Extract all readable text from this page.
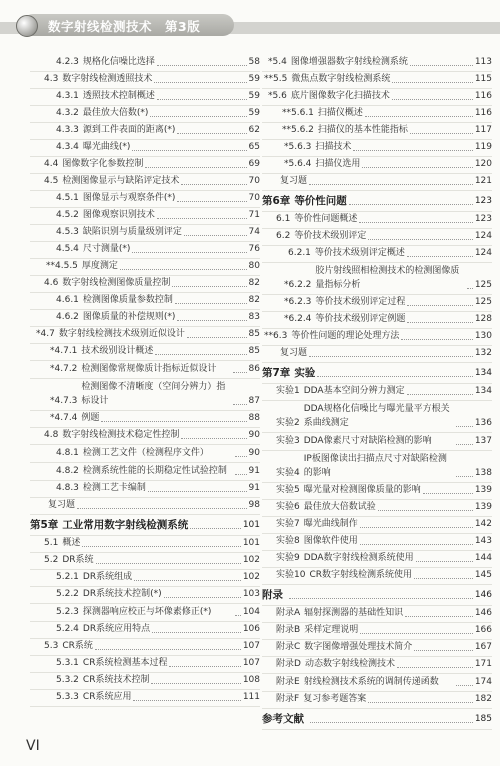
数字射线检测技术　第3版
4.2.3 规格化信噪比选择	58
4.3 数字射线检测透照技术	59
4.3.1 透照技术控制概述	59
4.3.2 最佳放大倍数(*)	59
4.3.3 源到工件表面的距离(*)	62
4.3.4 曝光曲线(*)	65
4.4 图像数字化参数控制	69
4.5 检测图像显示与缺陷评定技术	70
4.5.1 图像显示与观察条件(*)	70
4.5.2 图像观察识别技术	71
4.5.3 缺陷识别与质量级别评定	74
4.5.4 尺寸测量(*)	76
**4.5.5 厚度测定	80
4.6 数字射线检测图像质量控制	82
4.6.1 检测图像质量参数控制	82
4.6.2 图像质量的补偿规则(*)	83
*4.7 数字射线检测技术级别近似设计	85
*4.7.1 技术级别设计概述	85
*4.7.2 检测图像常规像质计指标近似设计	86
*4.7.3
检测图像不清晰度（空间分辨力）指标设计	87
*4.7.4 例题	88
4.8 数字射线检测技术稳定性控制	90
4.8.1 检测工艺文件（检测程序文件）	90
4.8.2 检测系统性能的长期稳定性试验控制	91
4.8.3 检测工艺卡编制	91
复习题	98
第5章 工业常用数字射线检测系统	101
5.1 概述	101
5.2 DR系统	102
5.2.1 DR系统组成	102
5.2.2 DR系统技术控制(*)	103
5.2.3 探测器响应校正与坏像素修正(*)	104
5.2.4 DR系统应用特点	106
5.3 CR系统	107
5.3.1 CR系统检测基本过程	107
5.3.2 CR系统技术控制	108
5.3.3 CR系统应用	111
*5.4 图像增强器数字射线检测系统	113
**5.5 微焦点数字射线检测系统	115
*5.6 底片图像数字化扫描技术	116
**5.6.1 扫描仪概述	116
**5.6.2 扫描仪的基本性能指标	117
*5.6.3 扫描技术	119
*5.6.4 扫描仪选用	120
复习题	121
第6章 等价性问题	123
6.1 等价性问题概述	123
6.2 等价技术级别评定	124
6.2.1 等价技术级别评定概述	124
*6.2.2
胶片射线照相检测技术的检测图像质量指标分析	125
*6.2.3 等价技术级别评定过程	125
*6.2.4 等价技术级别评定例题	128
**6.3 等价性问题的理论处理方法	130
复习题	132
第7章 实验	134
实验1 DDA基本空间分辨力测定	134
实验2
DDA规格化信噪比与曝光量平方根关系曲线测定	136
实验3 DDA像素尺寸对缺陷检测的影响	137
实验4
IP板图像读出扫描点尺寸对缺陷检测的影响	138
实验5 曝光量对检测图像质量的影响	139
实验6 最佳放大倍数试验	139
实验7 曝光曲线制作	142
实验8 图像软件使用	143
实验9 DDA数字射线检测系统使用	144
实验10 CR数字射线检测系统使用	145
附录	146
附录A 辐射探测器的基础性知识	146
附录B 采样定理说明	166
附录C 数字图像增强处理技术简介	167
附录D 动态数字射线检测技术	171
附录E 射线检测技术系统的调制传递函数	174
附录F 复习参考题答案	182
参考文献	185
VI
